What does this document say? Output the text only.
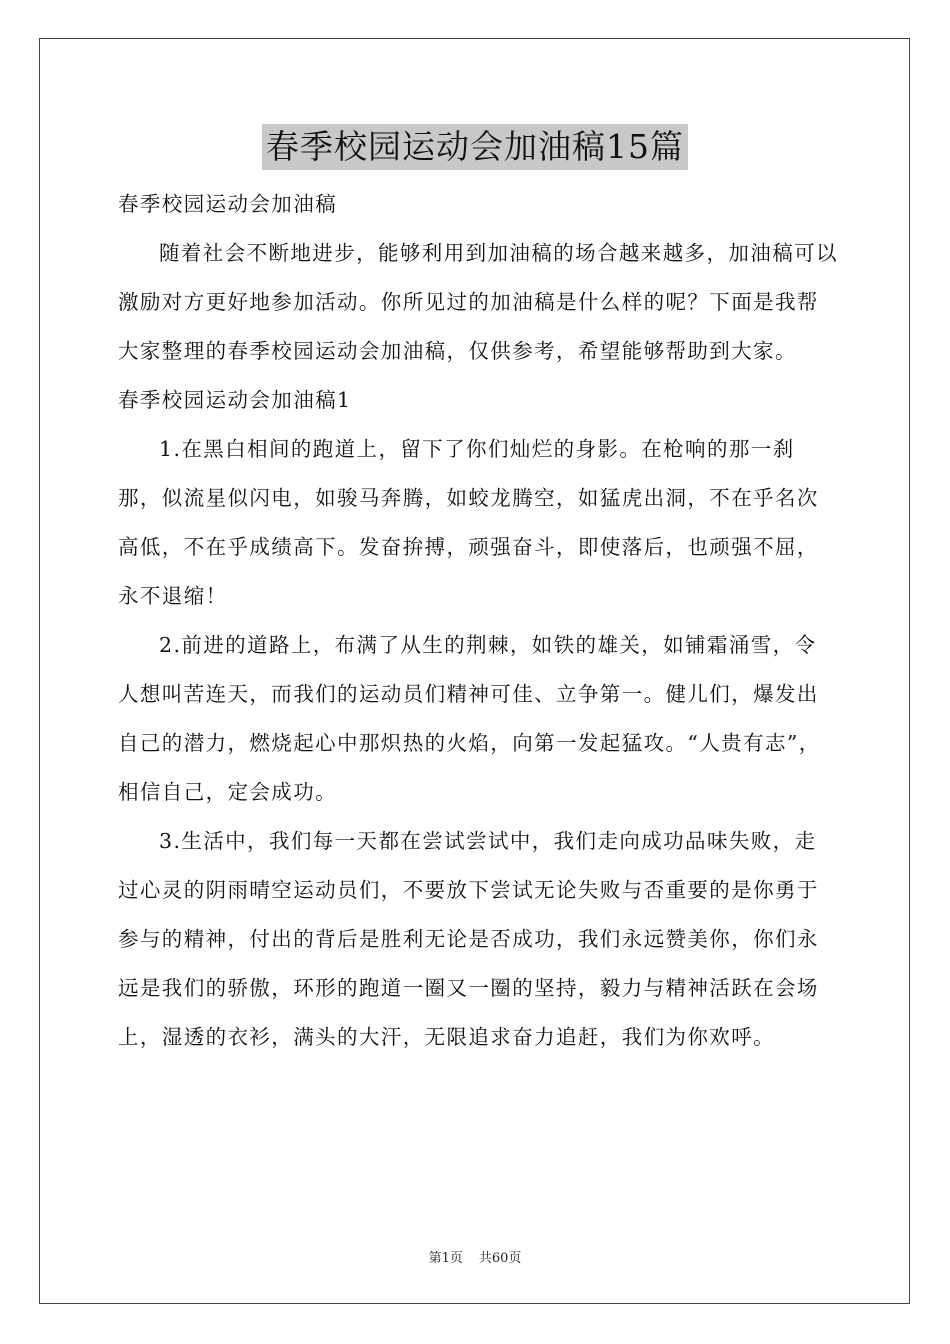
春季校园运动会加油稿15篇

春季校园运动会加油稿

随着社会不断地进步，能够利用到加油稿的场合越来越多，加油稿可以激励对方更好地参加活动。你所见过的加油稿是什么样的呢？下面是我帮大家整理的春季校园运动会加油稿，仅供参考，希望能够帮助到大家。

春季校园运动会加油稿1

1.在黑白相间的跑道上，留下了你们灿烂的身影。在枪响的那一刹那，似流星似闪电，如骏马奔腾，如蛟龙腾空，如猛虎出洞，不在乎名次高低，不在乎成绩高下。发奋拚搏，顽强奋斗，即使落后，也顽强不屈，永不退缩！

2.前进的道路上，布满了从生的荆棘，如铁的雄关，如铺霜涌雪，令人想叫苦连天，而我们的运动员们精神可佳、立争第一。健儿们，爆发出自己的潜力，燃烧起心中那炽热的火焰，向第一发起猛攻。“人贵有志”，相信自己，定会成功。

3.生活中，我们每一天都在尝试尝试中，我们走向成功品味失败，走过心灵的阴雨晴空运动员们，不要放下尝试无论失败与否重要的是你勇于参与的精神，付出的背后是胜利无论是否成功，我们永远赞美你，你们永远是我们的骄傲，环形的跑道一圈又一圈的坚持，毅力与精神活跃在会场上，湿透的衣衫，满头的大汗，无限追求奋力追赶，我们为你欢呼。

第1页 共60页
